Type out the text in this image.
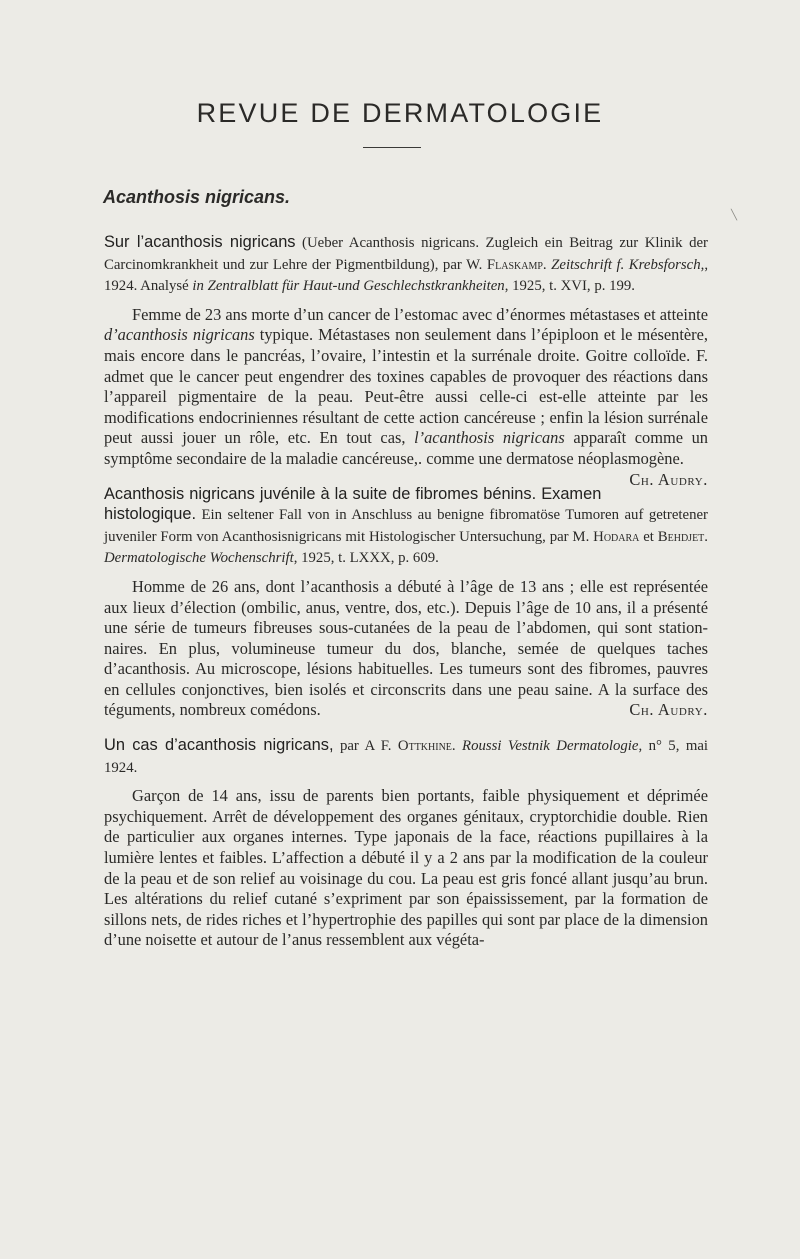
REVUE DE DERMATOLOGIE
Acanthosis nigricans.
╲

Sur l’acanthosis nigricans (Ueber Acanthosis nigricans. Zugleich ein Beitrag zur Klinik der Carcinomkrankheit und zur Lehre der Pigmentbildung), par W. Flaskamp. Zeitschrift f. Krebsforsch,, 1924. Analysé in Zentralblatt für Haut-und Geschlechstkrankheiten, 1925, t. XVI, p. 199.

Femme de 23 ans morte d’un cancer de l’estomac avec d’énormes métastases et atteinte d’acanthosis nigricans typique. Métastases non seulement dans l’épiploon et le mésentère, mais encore dans le pancréas, l’ovaire, l’intestin et la surrénale droite. Goitre colloïde. F. admet que le cancer peut engendrer des toxines capables de provoquer des réactions dans l’appareil pigmentaire de la peau. Peut-être aussi celle-ci est-elle atteinte par les modifications endocriniennes résultant de cette action cancéreuse ; enfin la lésion surrénale peut aussi jouer un rôle, etc. En tout cas, l’acanthosis nigricans apparaît comme un symptôme secondaire de la maladie cancéreuse,. comme une dermatose néoplasmogène.
Ch. Audry.

Acanthosis nigricans juvénile à la suite de fibromes bénins. Examen histologique. Ein seltener Fall von in Anschluss au benigne fibromatöse Tumoren auf getretener juveniler Form von Acanthosisnigricans mit Histologischer Untersuchung, par M. Hodara et Behdjet. Dermatologische Wochenschrift, 1925, t. LXXX, p. 609.

Homme de 26 ans, dont l’acanthosis a débuté à l’âge de 13 ans ; elle est représentée aux lieux d’élection (ombilic, anus, ventre, dos, etc.). Depuis l’âge de 10 ans, il a présenté une série de tumeurs fibreuses sous-cutanées de la peau de l’abdomen, qui sont stationnaires. En plus, volumineuse tumeur du dos, blanche, semée de quelques taches d’acanthosis. Au microscope, lésions habituelles. Les tumeurs sont des fibromes, pauvres en cellules conjonctives, bien isolés et circonscrits dans une peau saine. A la surface des téguments, nombreux comédons.	Ch. Audry.

Un cas d’acanthosis nigricans, par A F. Ottkhine. Roussi Vestnik Dermatologie, n° 5, mai 1924.

Garçon de 14 ans, issu de parents bien portants, faible physiquement et déprimée psychiquement. Arrêt de développement des organes génitaux, cryptorchidie double. Rien de particulier aux organes internes. Type japonais de la face, réactions pupillaires à la lumière lentes et faibles. L’affection a débuté il y a 2 ans par la modification de la couleur de la peau et de son relief au voisinage du cou. La peau est gris foncé allant jusqu’au brun. Les altérations du relief cutané s’expriment par son épaississement, par la formation de sillons nets, de rides riches et l’hypertrophie des papilles qui sont par place de la dimension d’une noisette et autour de l’anus ressemblent aux végéta-
